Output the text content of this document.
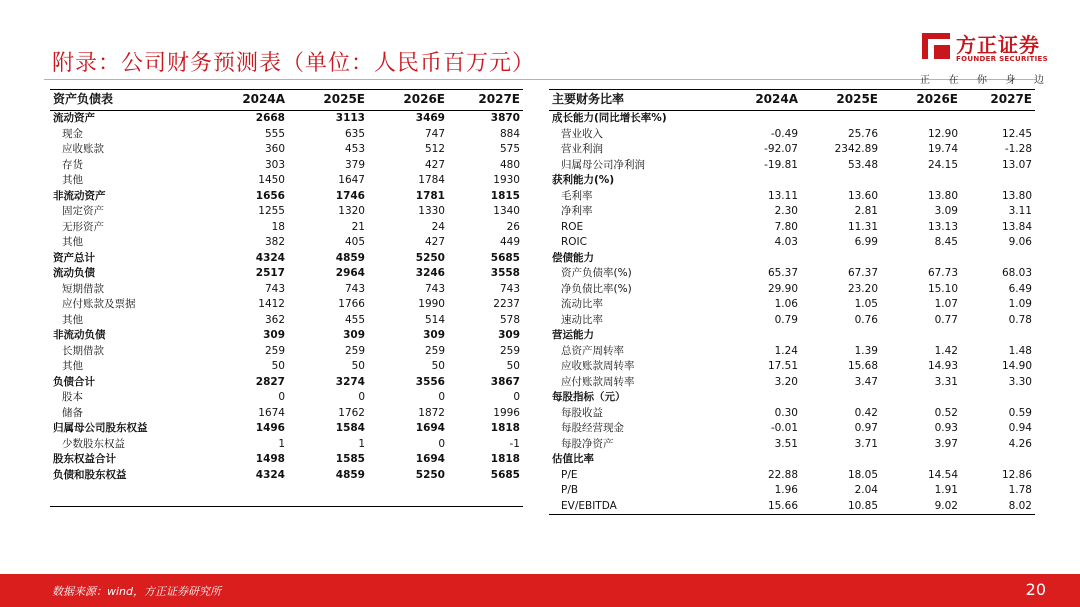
附录：公司财务预测表（单位：人民币百万元）
方正证券
FOUNDER SECURITIES
正 在 你 身 边
资产负债表	2024A	2025E	2026E	2027E
流动资产	2668	3113	3469	3870
现金	555	635	747	884
应收账款	360	453	512	575
存货	303	379	427	480
其他	1450	1647	1784	1930
非流动资产	1656	1746	1781	1815
固定资产	1255	1320	1330	1340
无形资产	18	21	24	26
其他	382	405	427	449
资产总计	4324	4859	5250	5685
流动负债	2517	2964	3246	3558
短期借款	743	743	743	743
应付账款及票据	1412	1766	1990	2237
其他	362	455	514	578
非流动负债	309	309	309	309
长期借款	259	259	259	259
其他	50	50	50	50
负债合计	2827	3274	3556	3867
股本	0	0	0	0
储备	1674	1762	1872	1996
归属母公司股东权益	1496	1584	1694	1818
少数股东权益	1	1	0	-1
股东权益合计	1498	1585	1694	1818
负债和股东权益	4324	4859	5250	5685
主要财务比率	2024A	2025E	2026E	2027E
成长能力(同比增长率%)				
营业收入	-0.49	25.76	12.90	12.45
营业利润	-92.07	2342.89	19.74	-1.28
归属母公司净利润	-19.81	53.48	24.15	13.07
获利能力(%)				
毛利率	13.11	13.60	13.80	13.80
净利率	2.30	2.81	3.09	3.11
ROE	7.80	11.31	13.13	13.84
ROIC	4.03	6.99	8.45	9.06
偿债能力				
资产负债率(%)	65.37	67.37	67.73	68.03
净负债比率(%)	29.90	23.20	15.10	6.49
流动比率	1.06	1.05	1.07	1.09
速动比率	0.79	0.76	0.77	0.78
营运能力				
总资产周转率	1.24	1.39	1.42	1.48
应收账款周转率	17.51	15.68	14.93	14.90
应付账款周转率	3.20	3.47	3.31	3.30
每股指标（元）				
每股收益	0.30	0.42	0.52	0.59
每股经营现金	-0.01	0.97	0.93	0.94
每股净资产	3.51	3.71	3.97	4.26
估值比率				
P/E	22.88	18.05	14.54	12.86
P/B	1.96	2.04	1.91	1.78
EV/EBITDA	15.66	10.85	9.02	8.02
数据来源：wind，方正证券研究所	20
